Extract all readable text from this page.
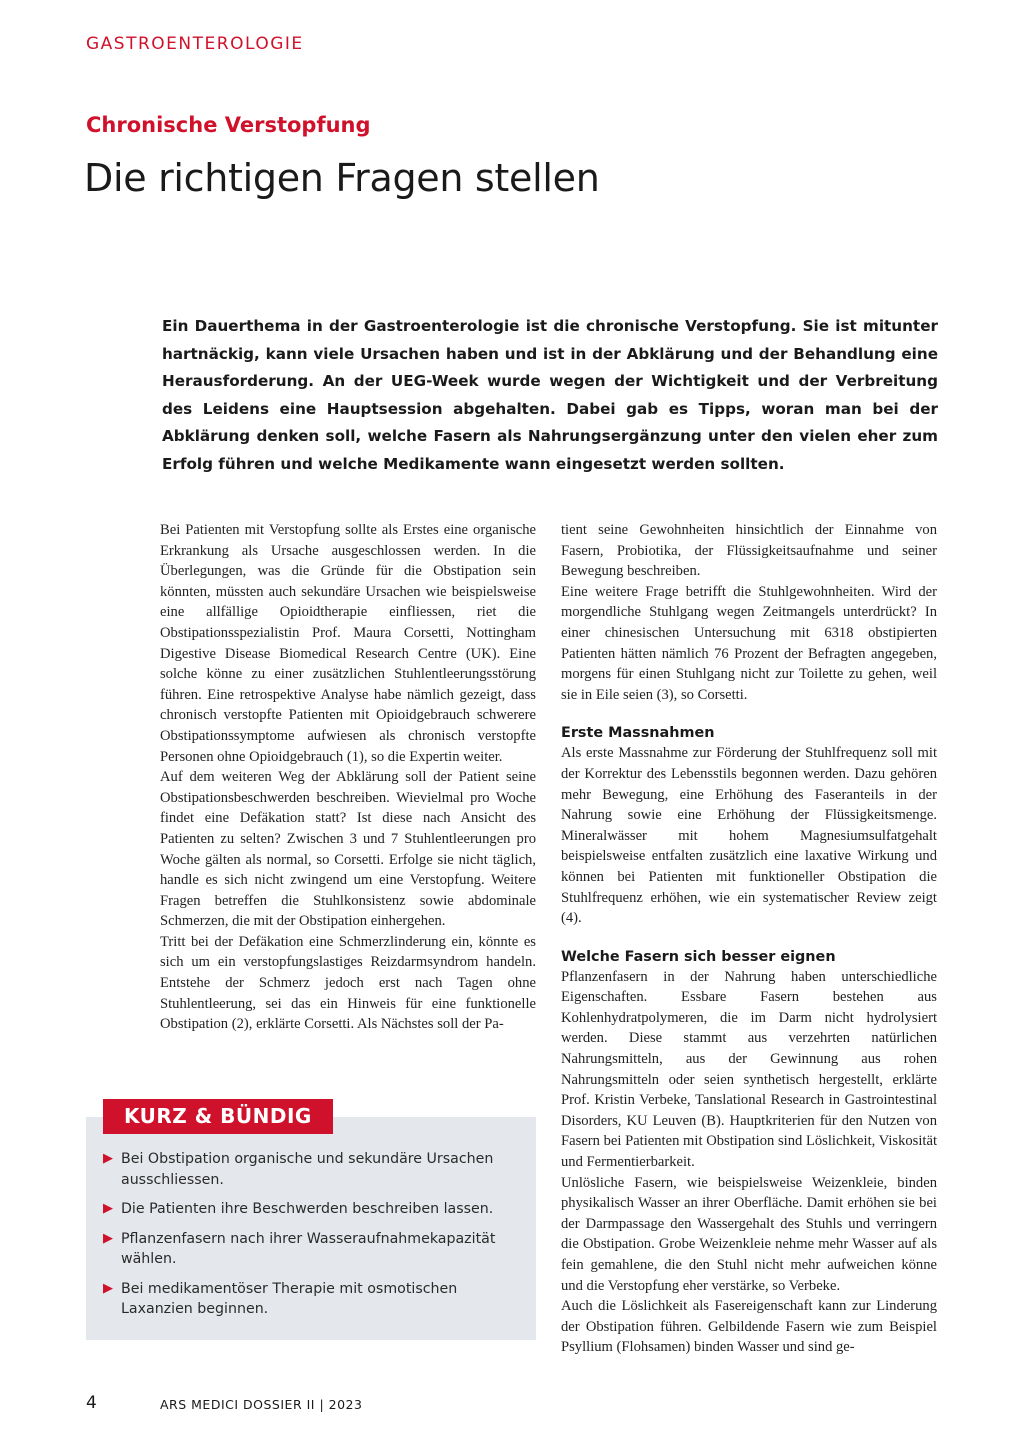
GASTROENTEROLOGIE
Chronische Verstopfung
Die richtigen Fragen stellen

Ein Dauerthema in der Gastroenterologie ist die chronische Verstopfung. Sie ist mitunter hartnäckig, kann viele Ursachen haben und ist in der Abklärung und der Behandlung eine Herausforderung. An der UEG-Week wurde wegen der Wichtigkeit und der Verbreitung des Leidens eine Hauptsession abgehalten. Dabei gab es Tipps, woran man bei der Abklärung denken soll, welche Fasern als Nahrungsergänzung unter den vielen eher zum Erfolg führen und welche Medikamente wann eingesetzt werden sollten.

Bei Patienten mit Verstopfung sollte als Erstes eine organische Erkrankung als Ursache ausgeschlossen werden. In die Überlegungen, was die Gründe für die Obstipation sein könnten, müssten auch sekundäre Ursachen wie beispielsweise eine allfällige Opioidtherapie einfliessen, riet die Obstipationsspezialistin Prof. Maura Corsetti, Nottingham Digestive Disease Biomedical Research Centre (UK). Eine solche könne zu einer zusätzlichen Stuhlentleerungsstörung führen. Eine retrospektive Analyse habe nämlich gezeigt, dass chronisch verstopfte Patienten mit Opioidgebrauch schwerere Obstipationssymptome aufwiesen als chronisch verstopfte Personen ohne Opioidgebrauch (1), so die Expertin weiter.

Auf dem weiteren Weg der Abklärung soll der Patient seine Obstipationsbeschwerden beschreiben. Wievielmal pro Woche findet eine Defäkation statt? Ist diese nach Ansicht des Patienten zu selten? Zwischen 3 und 7 Stuhlentleerungen pro Woche gälten als normal, so Corsetti. Erfolge sie nicht täglich, handle es sich nicht zwingend um eine Verstopfung. Weitere Fragen betreffen die Stuhlkonsistenz sowie abdominale Schmerzen, die mit der Obstipation einhergehen.

Tritt bei der Defäkation eine Schmerzlinderung ein, könnte es sich um ein verstopfungslastiges Reizdarmsyndrom handeln. Entstehe der Schmerz jedoch erst nach Tagen ohne Stuhlentleerung, sei das ein Hinweis für eine funktionelle Obstipation (2), erklärte Corsetti. Als Nächstes soll der Pa-

tient seine Gewohnheiten hinsichtlich der Einnahme von Fasern, Probiotika, der Flüssigkeitsaufnahme und seiner Bewegung beschreiben.

Eine weitere Frage betrifft die Stuhlgewohnheiten. Wird der morgendliche Stuhlgang wegen Zeitmangels unterdrückt? In einer chinesischen Untersuchung mit 6318 obstipierten Patienten hätten nämlich 76 Prozent der Befragten angegeben, morgens für einen Stuhlgang nicht zur Toilette zu gehen, weil sie in Eile seien (3), so Corsetti.

Erste Massnahmen

Als erste Massnahme zur Förderung der Stuhlfrequenz soll mit der Korrektur des Lebensstils begonnen werden. Dazu gehören mehr Bewegung, eine Erhöhung des Faseranteils in der Nahrung sowie eine Erhöhung der Flüssigkeitsmenge. Mineralwässer mit hohem Magnesiumsulfatgehalt beispielsweise entfalten zusätzlich eine laxative Wirkung und können bei Patienten mit funktioneller Obstipation die Stuhlfrequenz erhöhen, wie ein systematischer Review zeigt (4).

Welche Fasern sich besser eignen

Pflanzenfasern in der Nahrung haben unterschiedliche Eigenschaften. Essbare Fasern bestehen aus Kohlenhydratpolymeren, die im Darm nicht hydrolysiert werden. Diese stammt aus verzehrten natürlichen Nahrungsmitteln, aus der Gewinnung aus rohen Nahrungsmitteln oder seien synthetisch hergestellt, erklärte Prof. Kristin Verbeke, Tanslational Research in Gastrointestinal Disorders, KU Leuven (B). Hauptkriterien für den Nutzen von Fasern bei Patienten mit Obstipation sind Löslichkeit, Viskosität und Fermentierbarkeit.

Unlösliche Fasern, wie beispielsweise Weizenkleie, binden physikalisch Wasser an ihrer Oberfläche. Damit erhöhen sie bei der Darmpassage den Wassergehalt des Stuhls und verringern die Obstipation. Grobe Weizenkleie nehme mehr Wasser auf als fein gemahlene, die den Stuhl nicht mehr aufweichen könne und die Verstopfung eher verstärke, so Verbeke.

Auch die Löslichkeit als Fasereigenschaft kann zur Linderung der Obstipation führen. Gelbildende Fasern wie zum Beispiel Psyllium (Flohsamen) binden Wasser und sind ge-

▶ Bei Obstipation organische und sekundäre Ursachen ausschliessen.
▶ Die Patienten ihre Beschwerden beschreiben lassen.
▶ Pflanzenfasern nach ihrer Wasseraufnahmekapazität wählen.
▶ Bei medikamentöser Therapie mit osmotischen Laxanzien beginnen.
KURZ & BÜNDIG
4	ARS MEDICI DOSSIER II | 2023
